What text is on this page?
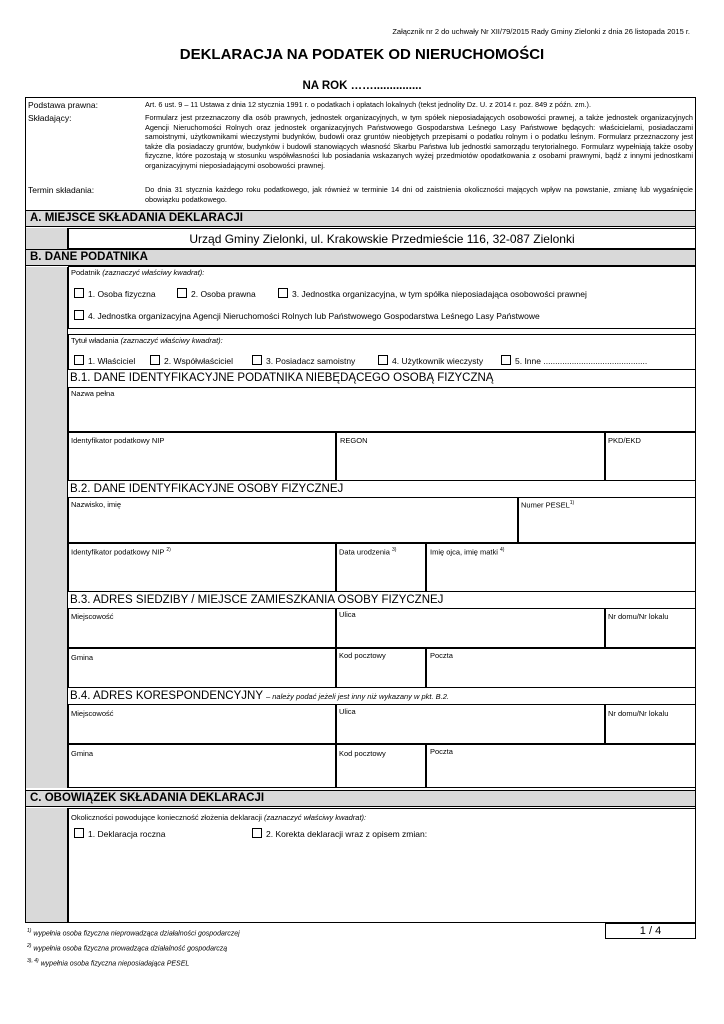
Załącznik nr 2 do uchwały Nr XII/79/2015 Rady Gminy Zielonki z dnia 26 listopada 2015 r.
DEKLARACJA NA PODATEK OD NIERUCHOMOŚCI
NA ROK ……...............
Podstawa prawna:	Art. 6 ust. 9 – 11 Ustawa z dnia 12 stycznia 1991 r. o podatkach i opłatach lokalnych (tekst jednolity Dz. U. z 2014 r. poz. 849 z późn. zm.).
Składający:	Formularz jest przeznaczony dla osób prawnych, jednostek organizacyjnych, w tym spółek nieposiadających osobowości prawnej, a także jednostek organizacyjnych Agencji Nieruchomości Rolnych oraz jednostek organizacyjnych Państwowego Gospodarstwa Leśnego Lasy Państwowe będących: właścicielami, posiadaczami samoistnymi, użytkownikami wieczystymi budynków, budowli oraz gruntów nieobjętych przepisami o podatku rolnym i o podatku leśnym. Formularz przeznaczony jest także dla posiadaczy gruntów, budynków i budowli stanowiących własność Skarbu Państwa lub jednostki samorządu terytorialnego. Formularz wypełniają także osoby fizyczne, które pozostają w stosunku współwłasności lub posiadania wskazanych wyżej przedmiotów opodatkowania z osobami prawnymi, bądź z innymi jednostkami organizacyjnymi nieposiadającymi osobowości prawnej.
Termin składania:	Do dnia 31 stycznia każdego roku podatkowego, jak również w terminie 14 dni od zaistnienia okoliczności mających wpływ na powstanie, zmianę lub wygaśnięcie obowiązku podatkowego.
A. MIEJSCE SKŁADANIA DEKLARACJI
Urząd Gminy Zielonki, ul. Krakowskie Przedmieście 116, 32-087 Zielonki
B. DANE PODATNIKA
Podatnik (zaznaczyć właściwy kwadrat):
1. Osoba fizyczna	2. Osoba prawna	3. Jednostka organizacyjna, w tym spółka nieposiadająca osobowości prawnej
4. Jednostka organizacyjna Agencji Nieruchomości Rolnych lub Państwowego Gospodarstwa Leśnego Lasy Państwowe
Tytuł władania (zaznaczyć właściwy kwadrat):
1. Właściciel	2. Współwłaściciel	3. Posiadacz samoistny	4. Użytkownik wieczysty	5. Inne ............................................
B.1. DANE IDENTYFIKACYJNE PODATNIKA NIEBĘDĄCEGO OSOBĄ FIZYCZNĄ
Nazwa pełna
Identyfikator podatkowy NIP	REGON	PKD/EKD
B.2. DANE IDENTYFIKACYJNE OSOBY FIZYCZNEJ
Nazwisko, imię	Numer PESEL$^{1)}$
Identyfikator podatkowy NIP $^{2)}$	Data urodzenia $^{3)}$	Imię ojca, imię matki $^{4)}$
B.3. ADRES SIEDZIBY / MIEJSCE ZAMIESZKANIA OSOBY FIZYCZNEJ
Miejscowość	Ulica	Nr domu/Nr lokalu
Gmina	Kod pocztowy	Poczta
B.4. ADRES KORESPONDENCYJNY – należy podać jeżeli jest inny niż wykazany w pkt. B.2.
Miejscowość	Ulica	Nr domu/Nr lokalu
Gmina	Kod pocztowy	Poczta
C. OBOWIĄZEK SKŁADANIA DEKLARACJI
Okoliczności powodujące konieczność złożenia deklaracji (zaznaczyć właściwy kwadrat):
1. Deklaracja roczna	2. Korekta deklaracji wraz z opisem zmian:
1 / 4
$^{1)}$ wypełnia osoba fizyczna nieprowadząca działalności gospodarczej
$^{2)}$ wypełnia osoba fizyczna prowadząca działalność gospodarczą
$^{3), 4)}$ wypełnia osoba fizyczna nieposiadająca PESEL
